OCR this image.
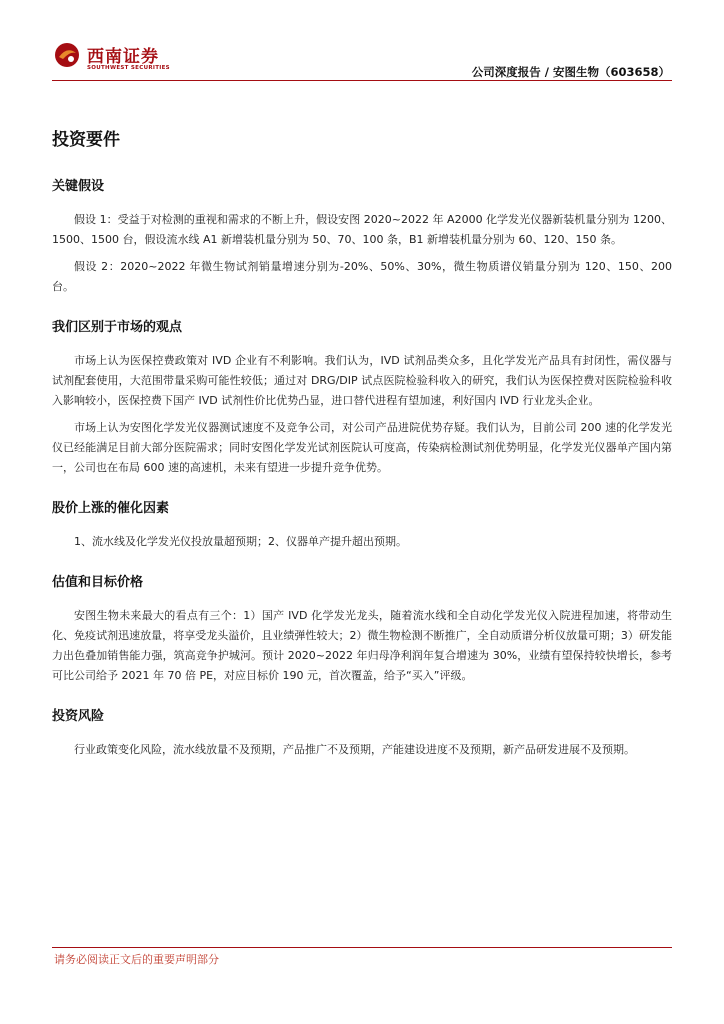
西南证券
SOUTHWEST SECURITIES	公司深度报告 / 安图生物（603658）
投资要件
关键假设

假设 1：受益于对检测的重视和需求的不断上升，假设安图 2020~2022 年 A2000 化学发光仪器新装机量分别为 1200、1500、1500 台，假设流水线 A1 新增装机量分别为 50、70、100 条，B1 新增装机量分别为 60、120、150 条。

假设 2：2020~2022 年微生物试剂销量增速分别为-20%、50%、30%，微生物质谱仪销量分别为 120、150、200 台。

我们区别于市场的观点

市场上认为医保控费政策对 IVD 企业有不利影响。我们认为，IVD 试剂品类众多，且化学发光产品具有封闭性，需仪器与试剂配套使用，大范围带量采购可能性较低；通过对 DRG/DIP 试点医院检验科收入的研究，我们认为医保控费对医院检验科收入影响较小，医保控费下国产 IVD 试剂性价比优势凸显，进口替代进程有望加速，利好国内 IVD 行业龙头企业。

市场上认为安图化学发光仪器测试速度不及竞争公司，对公司产品进院优势存疑。我们认为，目前公司 200 速的化学发光仪已经能满足目前大部分医院需求；同时安图化学发光试剂医院认可度高，传染病检测试剂优势明显，化学发光仪器单产国内第一，公司也在布局 600 速的高速机，未来有望进一步提升竞争优势。

股价上涨的催化因素

1、流水线及化学发光仪投放量超预期；2、仪器单产提升超出预期。

估值和目标价格

安图生物未来最大的看点有三个：1）国产 IVD 化学发光龙头，随着流水线和全自动化学发光仪入院进程加速，将带动生化、免疫试剂迅速放量，将享受龙头溢价，且业绩弹性较大；2）微生物检测不断推广，全自动质谱分析仪放量可期；3）研发能力出色叠加销售能力强，筑高竞争护城河。预计 2020~2022 年归母净利润年复合增速为 30%，业绩有望保持较快增长，参考可比公司给予 2021 年 70 倍 PE，对应目标价 190 元，首次覆盖，给予“买入”评级。

投资风险

行业政策变化风险，流水线放量不及预期，产品推广不及预期，产能建设进度不及预期，新产品研发进展不及预期。

请务必阅读正文后的重要声明部分
